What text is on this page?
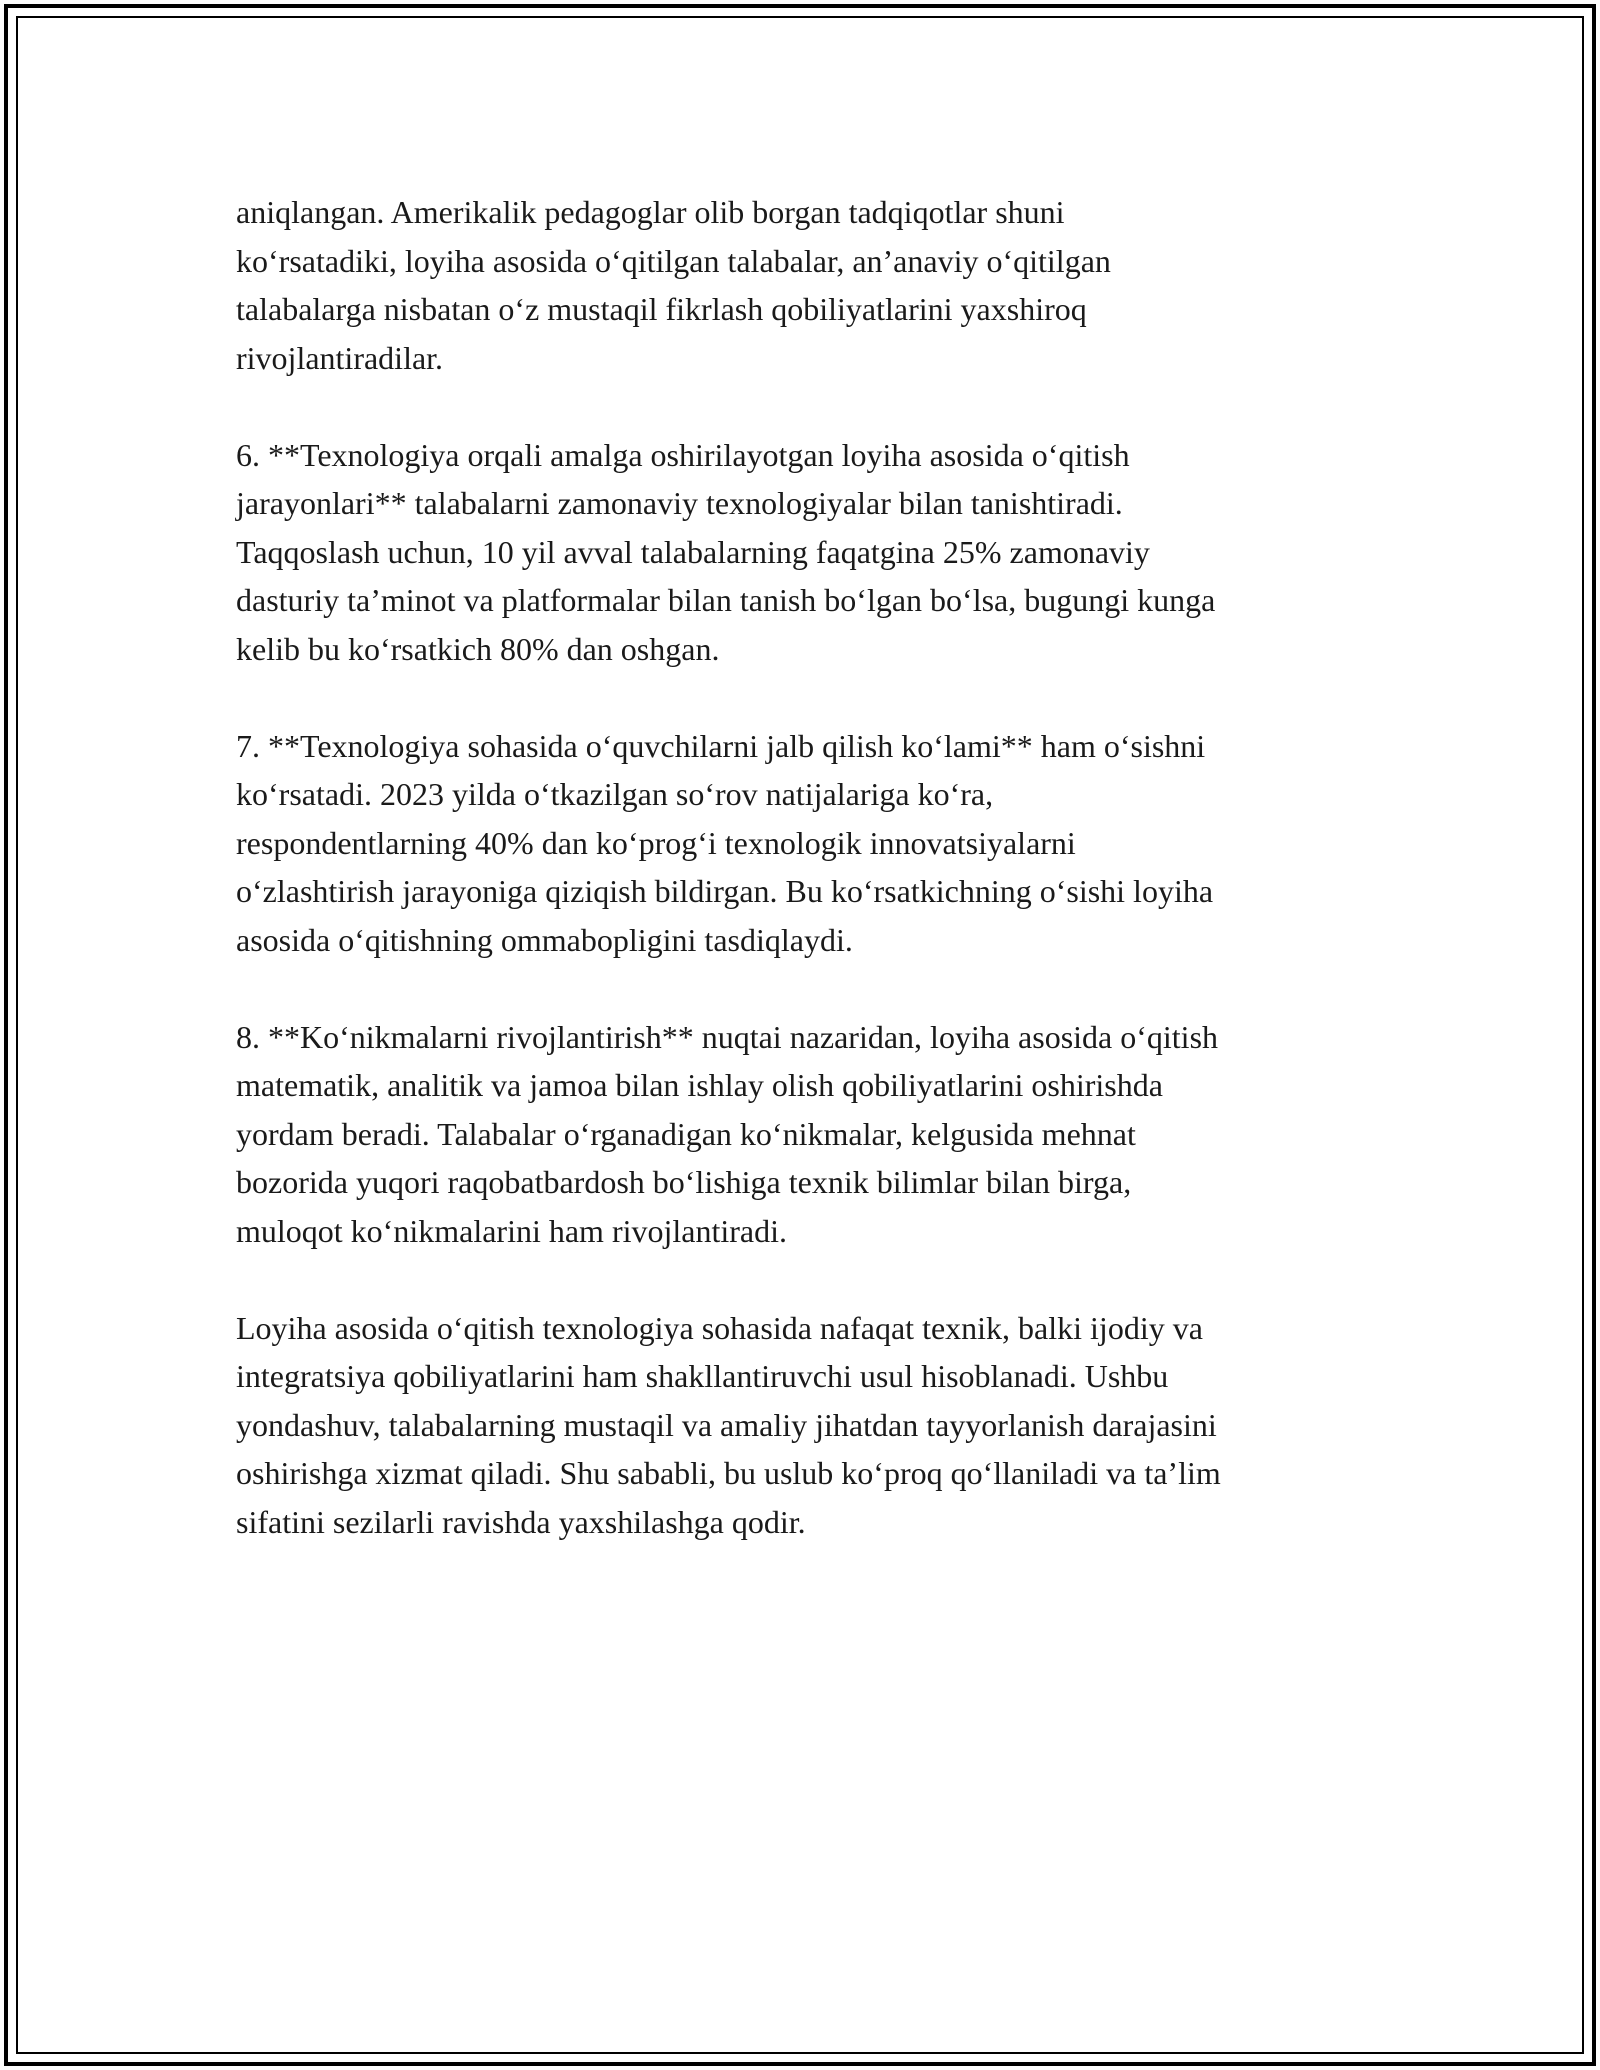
aniqlangan. Amerikalik pedagoglar olib borgan tadqiqotlar shuni
ko‘rsatadiki, loyiha asosida o‘qitilgan talabalar, an’anaviy o‘qitilgan
talabalarga nisbatan o‘z mustaqil fikrlash qobiliyatlarini yaxshiroq
rivojlantiradilar.

6. **Texnologiya orqali amalga oshirilayotgan loyiha asosida o‘qitish
jarayonlari** talabalarni zamonaviy texnologiyalar bilan tanishtiradi.
Taqqoslash uchun, 10 yil avval talabalarning faqatgina 25% zamonaviy
dasturiy ta’minot va platformalar bilan tanish bo‘lgan bo‘lsa, bugungi kunga
kelib bu ko‘rsatkich 80% dan oshgan.

7. **Texnologiya sohasida o‘quvchilarni jalb qilish ko‘lami** ham o‘sishni
ko‘rsatadi. 2023 yilda o‘tkazilgan so‘rov natijalariga ko‘ra,
respondentlarning 40% dan ko‘prog‘i texnologik innovatsiyalarni
o‘zlashtirish jarayoniga qiziqish bildirgan. Bu ko‘rsatkichning o‘sishi loyiha
asosida o‘qitishning ommabopligini tasdiqlaydi.

8. **Ko‘nikmalarni rivojlantirish** nuqtai nazaridan, loyiha asosida o‘qitish
matematik, analitik va jamoa bilan ishlay olish qobiliyatlarini oshirishda
yordam beradi. Talabalar o‘rganadigan ko‘nikmalar, kelgusida mehnat
bozorida yuqori raqobatbardosh bo‘lishiga texnik bilimlar bilan birga,
muloqot ko‘nikmalarini ham rivojlantiradi.

Loyiha asosida o‘qitish texnologiya sohasida nafaqat texnik, balki ijodiy va
integratsiya qobiliyatlarini ham shakllantiruvchi usul hisoblanadi. Ushbu
yondashuv, talabalarning mustaqil va amaliy jihatdan tayyorlanish darajasini
oshirishga xizmat qiladi. Shu sababli, bu uslub ko‘proq qo‘llaniladi va ta’lim
sifatini sezilarli ravishda yaxshilashga qodir.
